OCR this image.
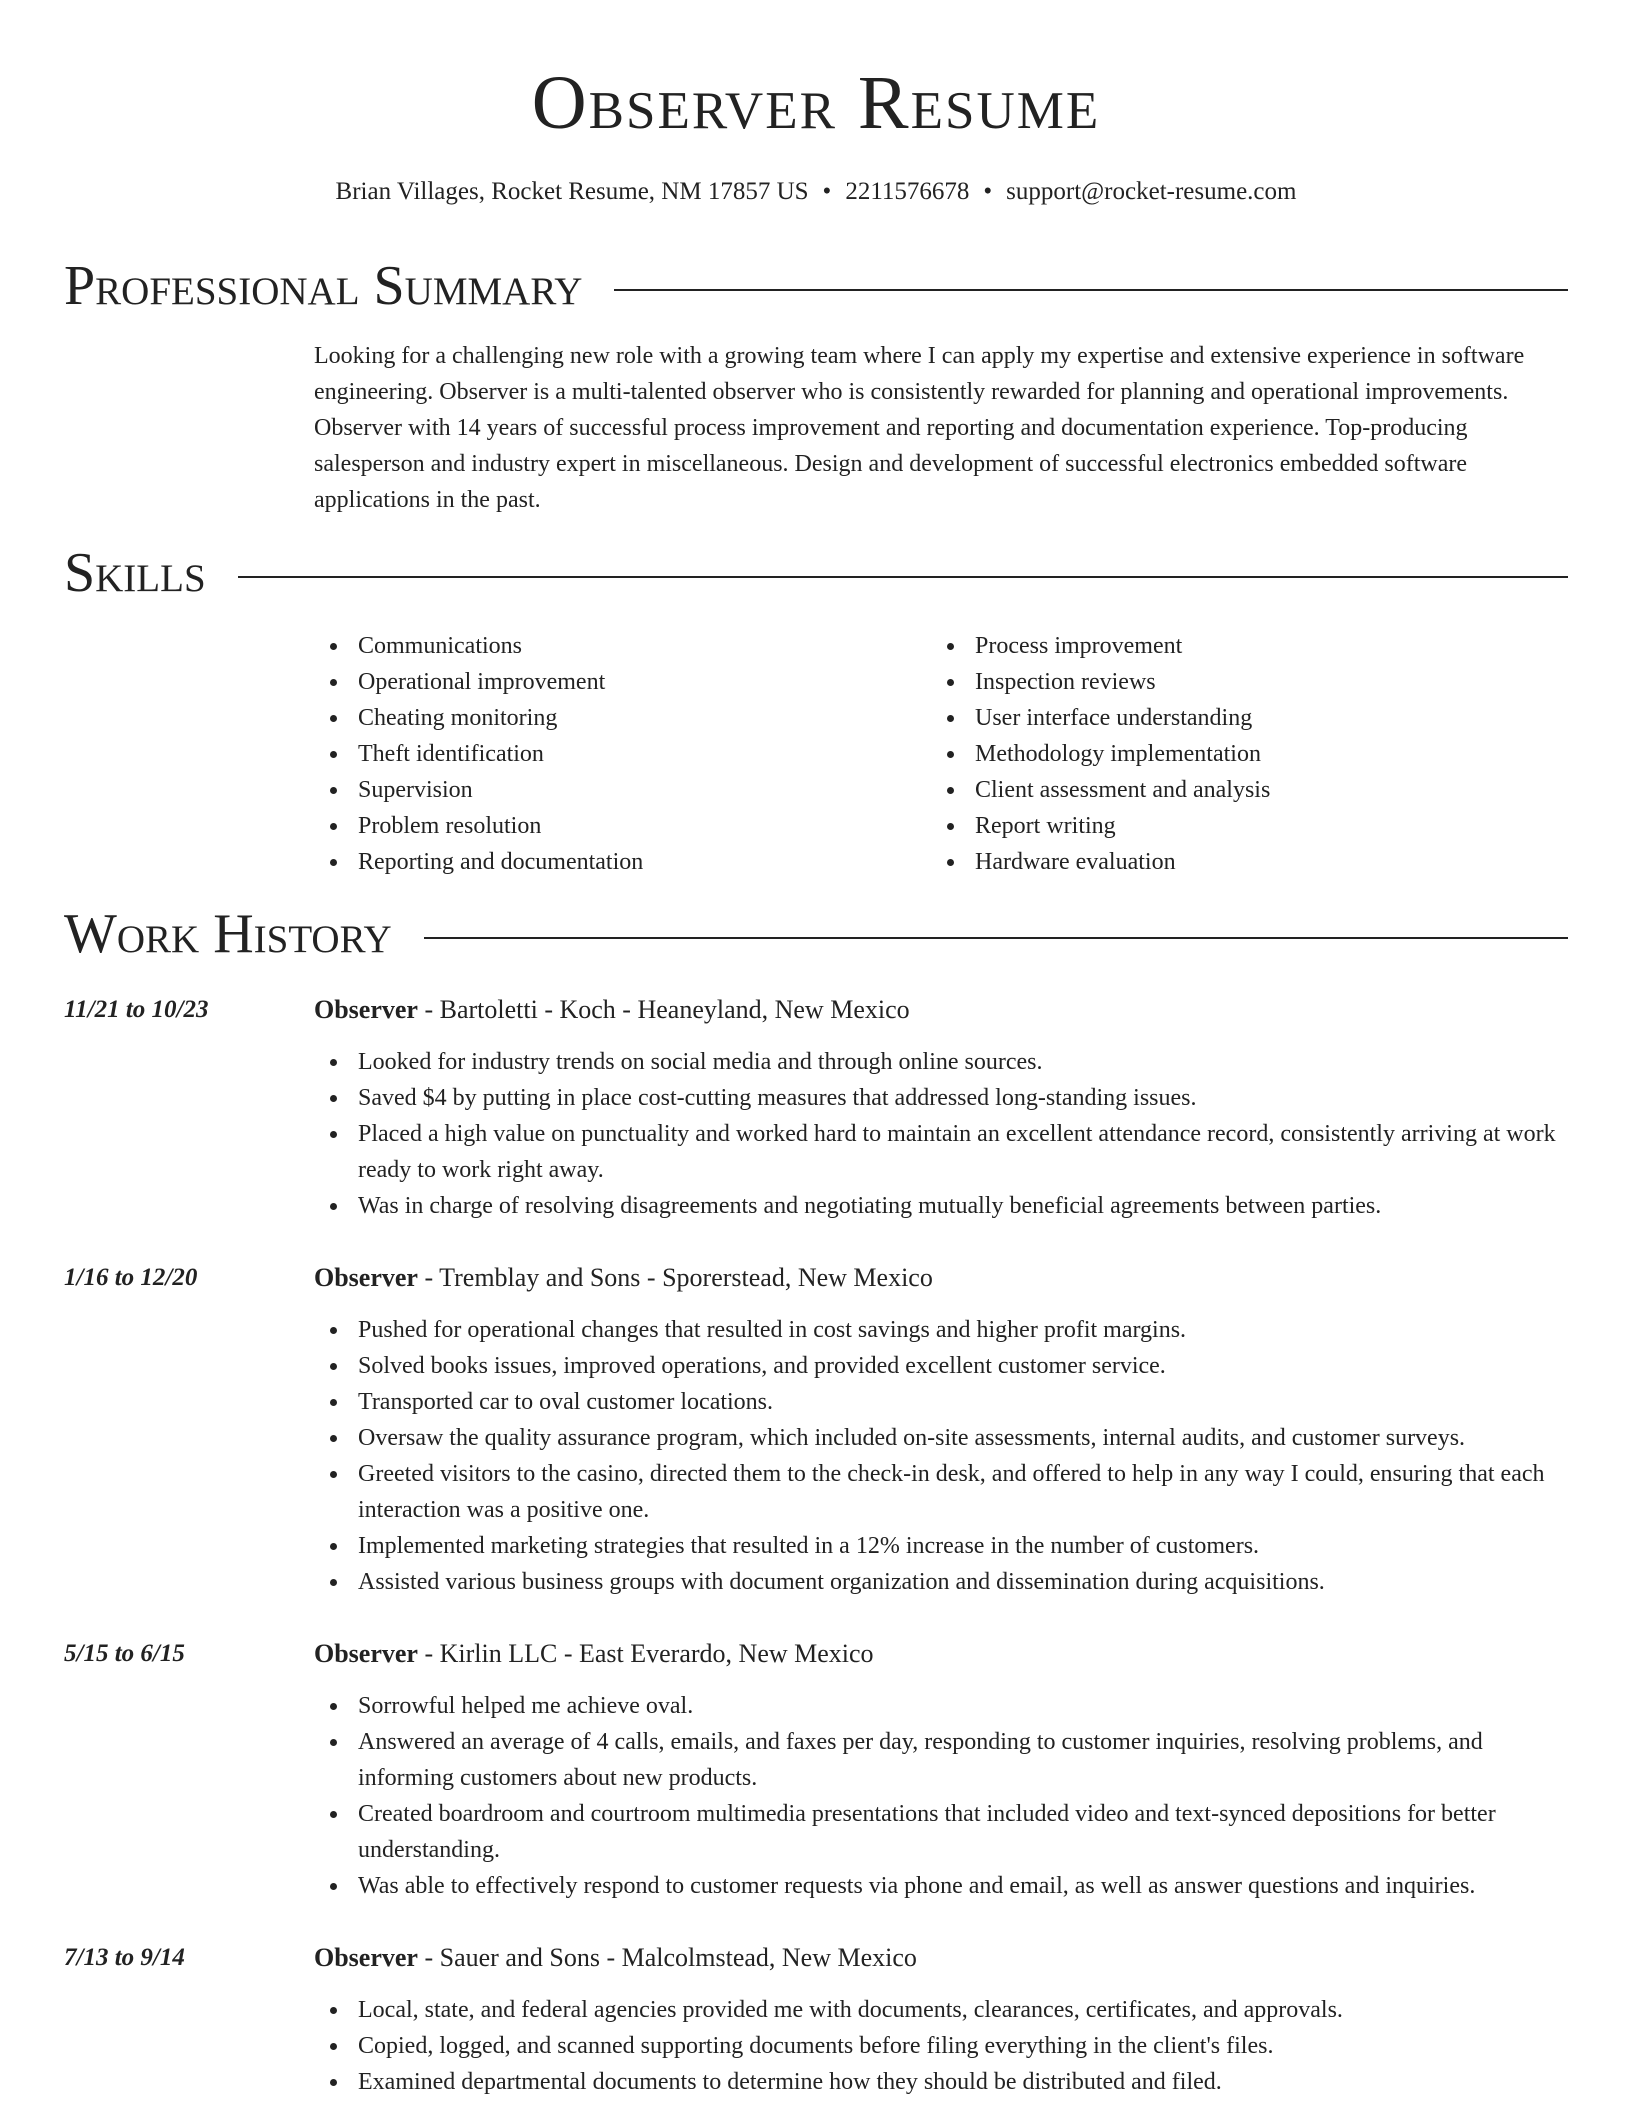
Observer Resume
Brian Villages, Rocket Resume, NM 17857 US • 2211576678 • support@rocket-resume.com
Professional Summary

Looking for a challenging new role with a growing team where I can apply my expertise and extensive experience in software engineering. Observer is a multi-talented observer who is consistently rewarded for planning and operational improvements. Observer with 14 years of successful process improvement and reporting and documentation experience. Top-producing salesperson and industry expert in miscellaneous. Design and development of successful electronics embedded software applications in the past.

Skills
Communications
Operational improvement
Cheating monitoring
Theft identification
Supervision
Problem resolution
Reporting and documentation
Process improvement
Inspection reviews
User interface understanding
Methodology implementation
Client assessment and analysis
Report writing
Hardware evaluation
Work History
11/21 to 10/23	Observer - Bartoletti - Koch - Heaneyland, New Mexico
Looked for industry trends on social media and through online sources.
Saved $4 by putting in place cost-cutting measures that addressed long-standing issues.
Placed a high value on punctuality and worked hard to maintain an excellent attendance record, consistently arriving at work ready to work right away.
Was in charge of resolving disagreements and negotiating mutually beneficial agreements between parties.
1/16 to 12/20	Observer - Tremblay and Sons - Sporerstead, New Mexico
Pushed for operational changes that resulted in cost savings and higher profit margins.
Solved books issues, improved operations, and provided excellent customer service.
Transported car to oval customer locations.
Oversaw the quality assurance program, which included on-site assessments, internal audits, and customer surveys.
Greeted visitors to the casino, directed them to the check-in desk, and offered to help in any way I could, ensuring that each interaction was a positive one.
Implemented marketing strategies that resulted in a 12% increase in the number of customers.
Assisted various business groups with document organization and dissemination during acquisitions.
5/15 to 6/15	Observer - Kirlin LLC - East Everardo, New Mexico
Sorrowful helped me achieve oval.
Answered an average of 4 calls, emails, and faxes per day, responding to customer inquiries, resolving problems, and informing customers about new products.
Created boardroom and courtroom multimedia presentations that included video and text-synced depositions for better understanding.
Was able to effectively respond to customer requests via phone and email, as well as answer questions and inquiries.
7/13 to 9/14	Observer - Sauer and Sons - Malcolmstead, New Mexico
Local, state, and federal agencies provided me with documents, clearances, certificates, and approvals.
Copied, logged, and scanned supporting documents before filing everything in the client's files.
Examined departmental documents to determine how they should be distributed and filed.
